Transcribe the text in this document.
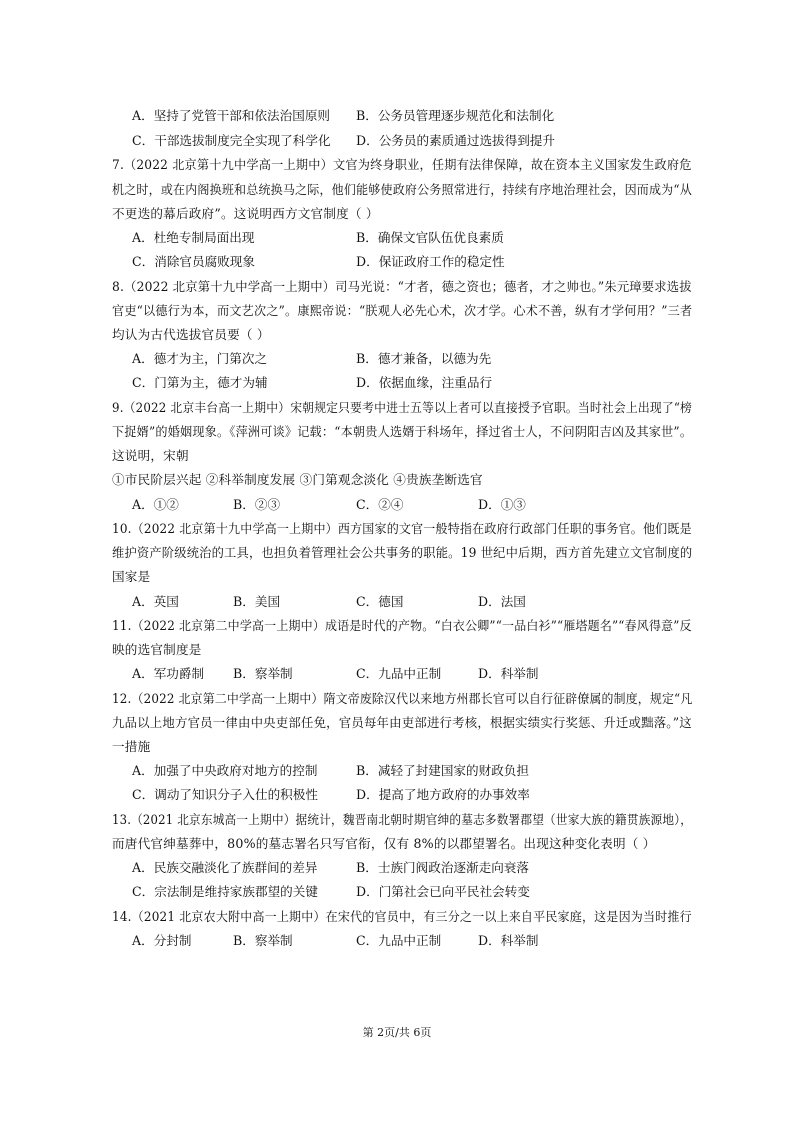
A．坚持了党管干部和依法治国原则 B．公务员管理逐步规范化和法制化
C．干部选拔制度完全实现了科学化 D．公务员的素质通过选拔得到提升
7.（2022 北京第十九中学高一上期中）文官为终身职业，任期有法律保障，故在资本主义国家发生政府危
机之时，或在内阁换班和总统换马之际，他们能够使政府公务照常进行，持续有序地治理社会，因而成为“从
不更迭的幕后政府”。这说明西方文官制度（ ）
A．杜绝专制局面出现	B．确保文官队伍优良素质
C．消除官员腐败现象	D．保证政府工作的稳定性
8.（2022 北京第十九中学高一上期中）司马光说：“才者，德之资也；德者，才之帅也。”朱元璋要求选拔
官吏“以德行为本，而文艺次之”。康熙帝说：“朕观人必先心术，次才学。心术不善，纵有才学何用？”三者
均认为古代选拔官员要（ ）
A．德才为主，门第次之	B．德才兼备，以德为先
C．门第为主，德才为辅	D．依据血缘，注重品行
9.（2022 北京丰台高一上期中）宋朝规定只要考中进士五等以上者可以直接授予官职。当时社会上出现了“榜
下捉婿”的婚姻现象。《萍洲可谈》记载：“本朝贵人选婿于科场年，择过省士人，不问阴阳吉凶及其家世”。
这说明，宋朝
①市民阶层兴起 ②科举制度发展 ③门第观念淡化 ④贵族垄断选官
A．①②	B．②③	C．②④	D．①③
10.（2022 北京第十九中学高一上期中）西方国家的文官一般特指在政府行政部门任职的事务官。他们既是
维护资产阶级统治的工具，也担负着管理社会公共事务的职能。19 世纪中后期，西方首先建立文官制度的
国家是
A．英国	B．美国	C．德国	D．法国
11.（2022 北京第二中学高一上期中）成语是时代的产物。“白衣公卿”“一品白衫”“雁塔题名”“春风得意”反
映的选官制度是
A．军功爵制 B．察举制	C．九品中正制	D．科举制
12.（2022 北京第二中学高一上期中）隋文帝废除汉代以来地方州郡长官可以自行征辟僚属的制度，规定“凡
九品以上地方官员一律由中央吏部任免，官员每年由吏部进行考核，根据实绩实行奖惩、升迁或黜落。”这
一措施
A．加强了中央政府对地方的控制	B．减轻了封建国家的财政负担
C．调动了知识分子入仕的积极性	D．提高了地方政府的办事效率
13.（2021 北京东城高一上期中）据统计，魏晋南北朝时期官绅的墓志多数署郡望（世家大族的籍贯族源地），
而唐代官绅墓葬中，80%的墓志署名只写官衔，仅有 8%的以郡望署名。出现这种变化表明（ ）
A．民族交融淡化了族群间的差异	B．士族门阀政治逐渐走向衰落
C．宗法制是维持家族郡望的关键	D．门第社会已向平民社会转变
14.（2021 北京农大附中高一上期中）在宋代的官员中，有三分之一以上来自平民家庭，这是因为当时推行
A．分封制	B．察举制	C．九品中正制	D．科举制
第 2页/共 6页
